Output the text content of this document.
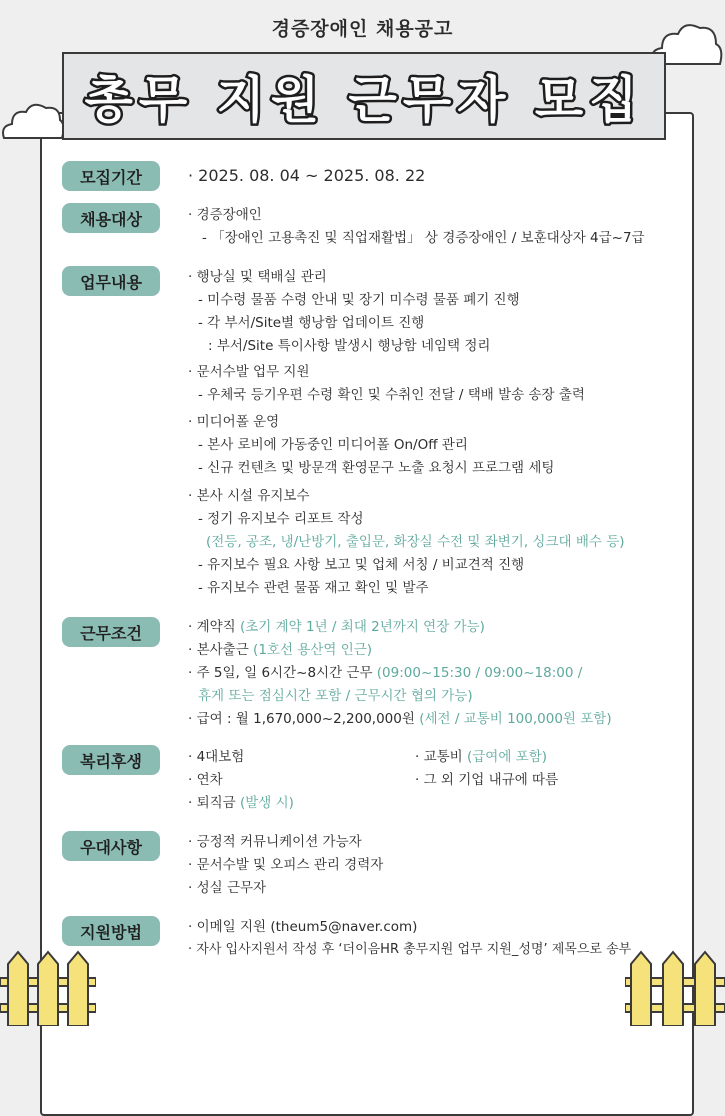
경증장애인 채용공고
총무 지원 근무자 모집
모집기간	· 2025. 08. 04 ~ 2025. 08. 22
채용대상	· 경증장애인
- 「장애인 고용촉진 및 직업재활법」 상 경증장애인 / 보훈대상자 4급~7급
업무내용	· 행낭실 및 택배실 관리
- 미수령 물품 수령 안내 및 장기 미수령 물품 폐기 진행
- 각 부서/Site별 행낭함 업데이트 진행
: 부서/Site 특이사항 발생시 행낭함 네임택 정리
· 문서수발 업무 지원
- 우체국 등기우편 수령 확인 및 수취인 전달 / 택배 발송 송장 출력
· 미디어폴 운영
- 본사 로비에 가동중인 미디어폴 On/Off 관리
- 신규 컨텐츠 및 방문객 환영문구 노출 요청시 프로그램 세팅
· 본사 시설 유지보수
- 정기 유지보수 리포트 작성
(전등, 공조, 냉/난방기, 출입문, 화장실 수전 및 좌변기, 싱크대 배수 등)
- 유지보수 필요 사항 보고 및 업체 서칭 / 비교견적 진행
- 유지보수 관련 물품 재고 확인 및 발주
근무조건	· 계약직 (초기 계약 1년 / 최대 2년까지 연장 가능)
· 본사출근 (1호선 용산역 인근)
· 주 5일, 일 6시간~8시간 근무 (09:00~15:30 / 09:00~18:00 /
휴게 또는 점심시간 포함 / 근무시간 협의 가능)
· 급여 : 월 1,670,000~2,200,000원 (세전 / 교통비 100,000원 포함)
복리후생	· 4대보험
· 연차
· 퇴직금 (발생 시)
· 교통비 (급여에 포함)
· 그 외 기업 내규에 따름
우대사항	· 긍정적 커뮤니케이션 가능자
· 문서수발 및 오피스 관리 경력자
· 성실 근무자
지원방법	· 이메일 지원 (theum5@naver.com)
· 자사 입사지원서 작성 후 ‘더이음HR 총무지원 업무 지원_성명’ 제목으로 송부
